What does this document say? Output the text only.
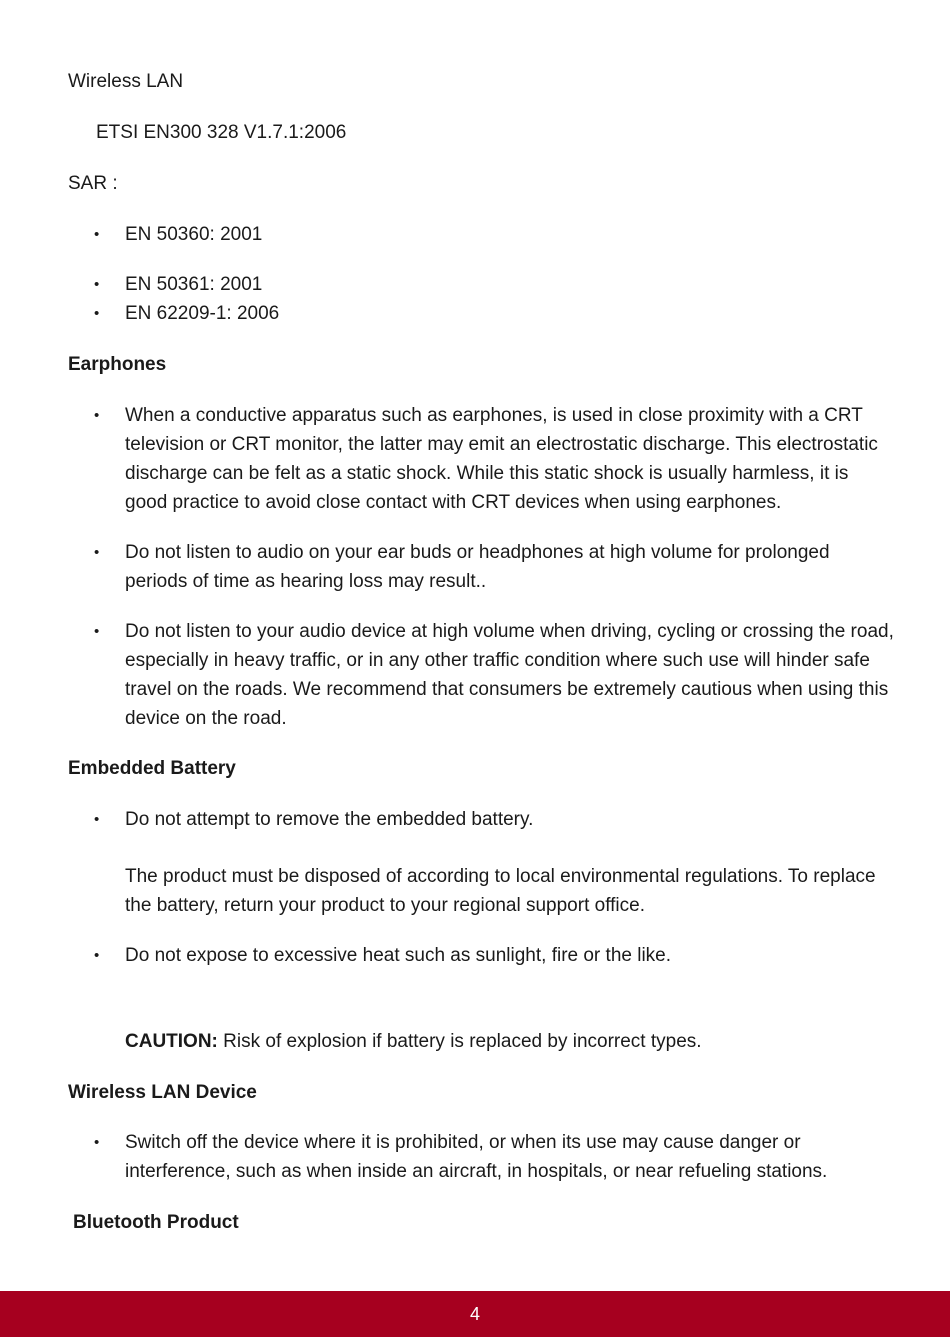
Wireless LAN

ETSI EN300 328 V1.7.1:2006

SAR :

• EN 50360: 2001

• EN 50361: 2001

• EN 62209-1: 2006

Earphones

• When a conductive apparatus such as earphones, is used in close proximity with a CRT television or CRT monitor, the latter may emit an electrostatic discharge. This electrostatic discharge can be felt as a static shock. While this static shock is usually harmless, it is good practice to avoid close contact with CRT devices when using earphones.

• Do not listen to audio on your ear buds or headphones at high volume for prolonged periods of time as hearing loss may result..

• Do not listen to your audio device at high volume when driving, cycling or crossing the road, especially in heavy traffic, or in any other traffic condition where such use will hinder safe travel on the roads. We recommend that consumers be extremely cautious when using this device on the road.

Embedded Battery

• Do not attempt to remove the embedded battery.

The product must be disposed of according to local environmental regulations. To replace the battery, return your product to your regional support office.

• Do not expose to excessive heat such as sunlight, fire or the like.

CAUTION: Risk of explosion if battery is replaced by incorrect types.

Wireless LAN Device

• Switch off the device where it is prohibited, or when its use may cause danger or interference, such as when inside an aircraft, in hospitals, or near refueling stations.

Bluetooth Product

4
